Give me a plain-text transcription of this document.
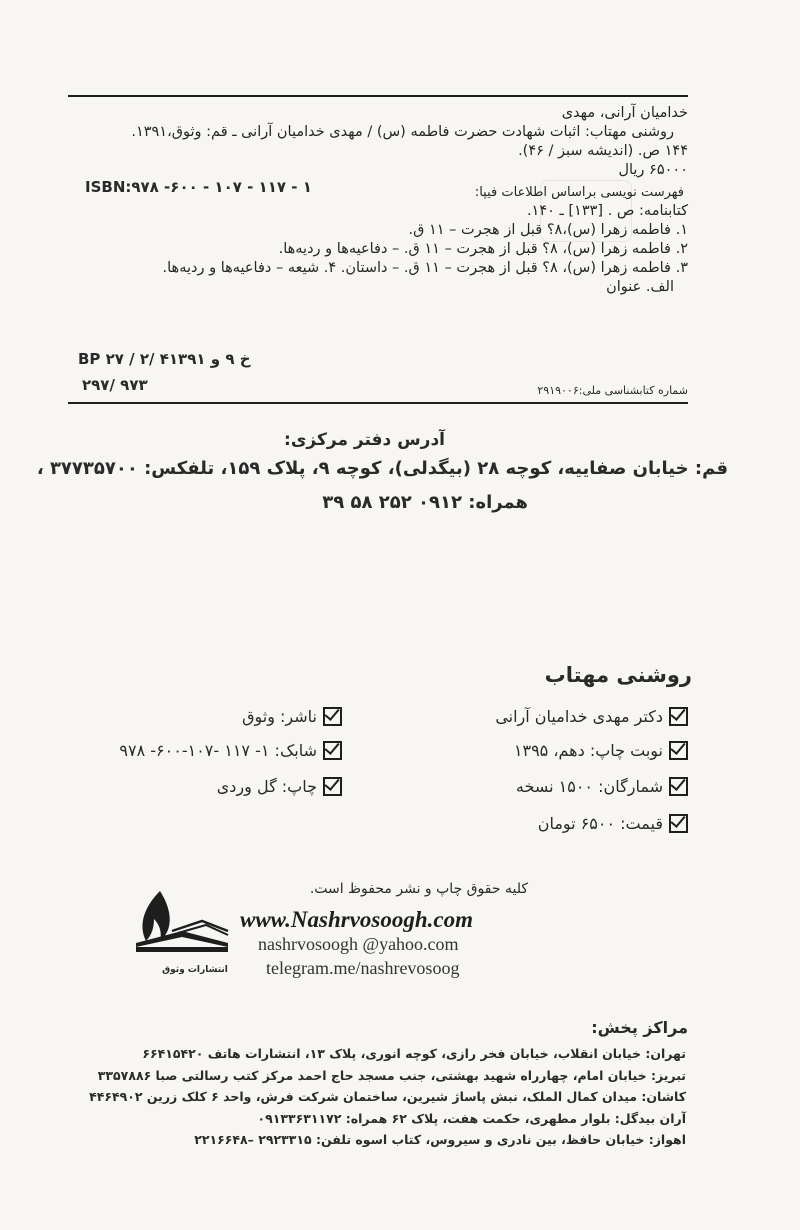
خدامیان آرانی، مهدی
روشنی مهتاب: اثبات شهادت حضرت فاطمه (س) / مهدی خدامیان آرانی ـ قم: وثوق،۱۳۹۱.
۱۴۴ ص. (اندیشه سبز / ۴۶).
۶۵۰۰۰ ریال
فهرست نویسی براساس اطلاعات فیپا:
کتابنامه: ص . [۱۳۳] ـ ۱۴۰.
۱. فاطمه زهرا (س)،۸؟ قبل از هجرت – ۱۱ ق.
۲. فاطمه زهرا (س)، ۸؟ قبل از هجرت – ۱۱ ق. – دفاعیه‌ها و ردیه‌ها.
۳. فاطمه زهرا (س)، ۸؟ قبل از هجرت – ۱۱ ق. – داستان. ۴. شیعه – دفاعیه‌ها و ردیه‌ها.
الف. عنوان
ISBN:۹۷۸ -۶۰۰ - ۱۰۷ - ۱۱۷ - ۱
BP ۲۷ / ۲/ ۴خ ۹ و ۱۳۹۱
۲۹۷/ ۹۷۳	شماره کتابشناسی ملی:۲۹۱۹۰۰۶
آدرس دفتر مرکزی:
قم: خیابان صفاییه، کوچه ۲۸ (بیگدلی)، کوچه ۹، پلاک ۱۵۹، تلفکس: ۳۷۷۳۵۷۰۰ ،
همراه: ۰۹۱۲ ۲۵۲ ۵۸ ۳۹
روشنی مهتاب
دکتر مهدی خدامیان آرانی
نوبت چاپ: دهم، ۱۳۹۵
شمارگان: ۱۵۰۰ نسخه
قیمت: ۶۵۰۰ تومان
ناشر: وثوق
شابک: ۱- ۱۱۷ -۱۰۷-۶۰۰- ۹۷۸
چاپ: گل وردی
انتشارات وثوق
کلیه حقوق چاپ و نشر محفوظ است.
www.Nashrvosoogh.com
nashrvosoogh @yahoo.com
telegram.me/nashrevosoog
مراکز پخش:
تهران: خیابان انقلاب، خیابان فخر رازی، کوچه انوری، پلاک ۱۳، انتشارات هاتف ۶۶۴۱۵۴۲۰
تبریز: خیابان امام، چهارراه شهید بهشتی، جنب مسجد حاج احمد مرکز کتب رسالتی صبا ۳۳۵۷۸۸۶
کاشان: میدان کمال الملک، نبش پاساژ شیرین، ساختمان شرکت فرش، واحد ۶ کلک زرین ۴۴۶۴۹۰۲
آران بیدگل: بلوار مطهری، حکمت هفت، پلاک ۶۲ همراه: ۰۹۱۳۳۶۳۱۱۷۲
اهواز: خیابان حافظ، بین نادری و سیروس، کتاب اسوه تلفن: ۲۹۲۳۳۱۵ –۲۲۱۶۶۴۸
